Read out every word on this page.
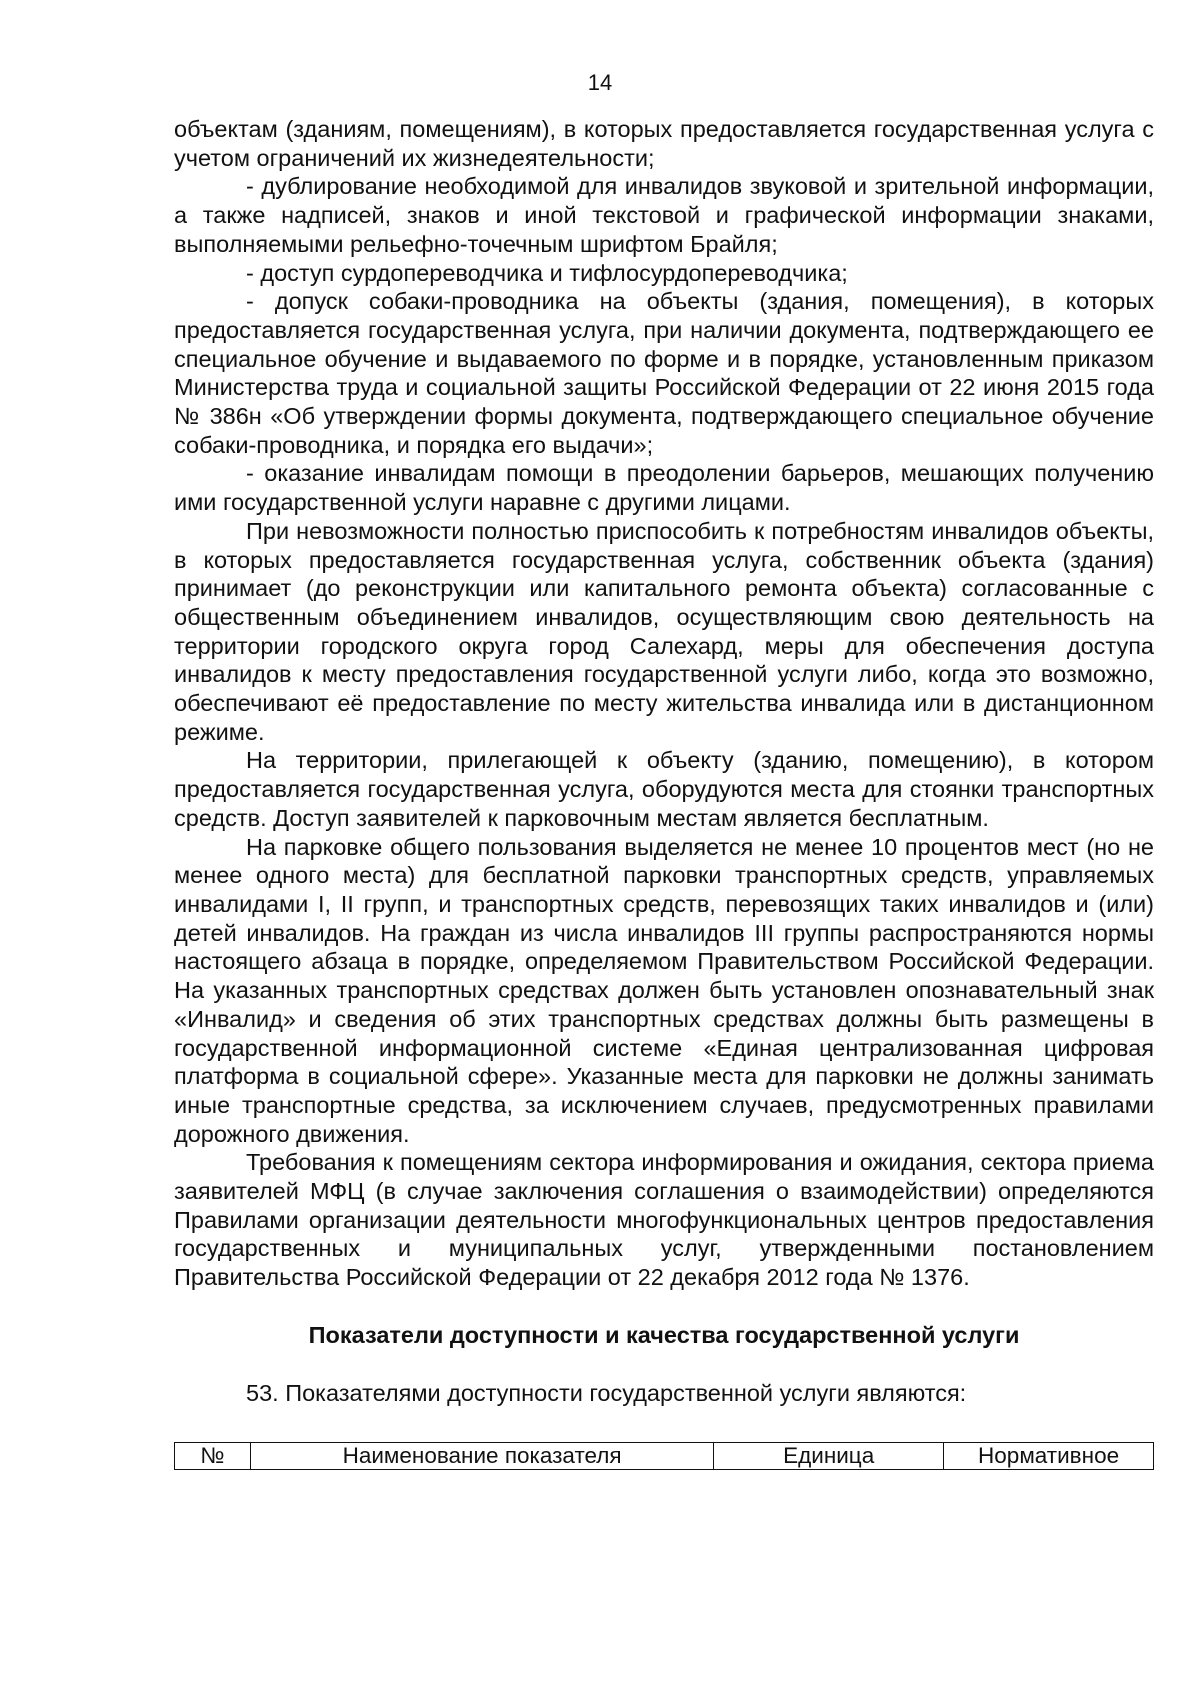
14

объектам (зданиям, помещениям), в которых предоставляется государственная услуга с учетом ограничений их жизнедеятельности;

- дублирование необходимой для инвалидов звуковой и зрительной информации, а также надписей, знаков и иной текстовой и графической информации знаками, выполняемыми рельефно-точечным шрифтом Брайля;

- доступ сурдопереводчика и тифлосурдопереводчика;

- допуск собаки-проводника на объекты (здания, помещения), в которых предоставляется государственная услуга, при наличии документа, подтверждающего ее специальное обучение и выдаваемого по форме и в порядке, установленным приказом Министерства труда и социальной защиты Российской Федерации от 22 июня 2015 года № 386н «Об утверждении формы документа, подтверждающего специальное обучение собаки-проводника, и порядка его выдачи»;

- оказание инвалидам помощи в преодолении барьеров, мешающих получению ими государственной услуги наравне с другими лицами.

При невозможности полностью приспособить к потребностям инвалидов объекты, в которых предоставляется государственная услуга, собственник объекта (здания) принимает (до реконструкции или капитального ремонта объекта) согласованные с общественным объединением инвалидов, осуществляющим свою деятельность на территории городского округа город Салехард, меры для обеспечения доступа инвалидов к месту предоставления государственной услуги либо, когда это возможно, обеспечивают её предоставление по месту жительства инвалида или в дистанционном режиме.

На территории, прилегающей к объекту (зданию, помещению), в котором предоставляется государственная услуга, оборудуются места для стоянки транспортных средств. Доступ заявителей к парковочным местам является бесплатным.

На парковке общего пользования выделяется не менее 10 процентов мест (но не менее одного места) для бесплатной парковки транспортных средств, управляемых инвалидами I, II групп, и транспортных средств, перевозящих таких инвалидов и (или) детей инвалидов. На граждан из числа инвалидов III группы распространяются нормы настоящего абзаца в порядке, определяемом Правительством Российской Федерации. На указанных транспортных средствах должен быть установлен опознавательный знак «Инвалид» и сведения об этих транспортных средствах должны быть размещены в государственной информационной системе «Единая централизованная цифровая платформа в социальной сфере». Указанные места для парковки не должны занимать иные транспортные средства, за исключением случаев, предусмотренных правилами дорожного движения.

Требования к помещениям сектора информирования и ожидания, сектора приема заявителей МФЦ (в случае заключения соглашения о взаимодействии) определяются Правилами организации деятельности многофункциональных центров предоставления государственных и муниципальных услуг, утвержденными постановлением Правительства Российской Федерации от 22 декабря 2012 года № 1376.

Показатели доступности и качества государственной услуги

53. Показателями доступности государственной услуги являются:

№	Наименование показателя	Единица	Нормативное
